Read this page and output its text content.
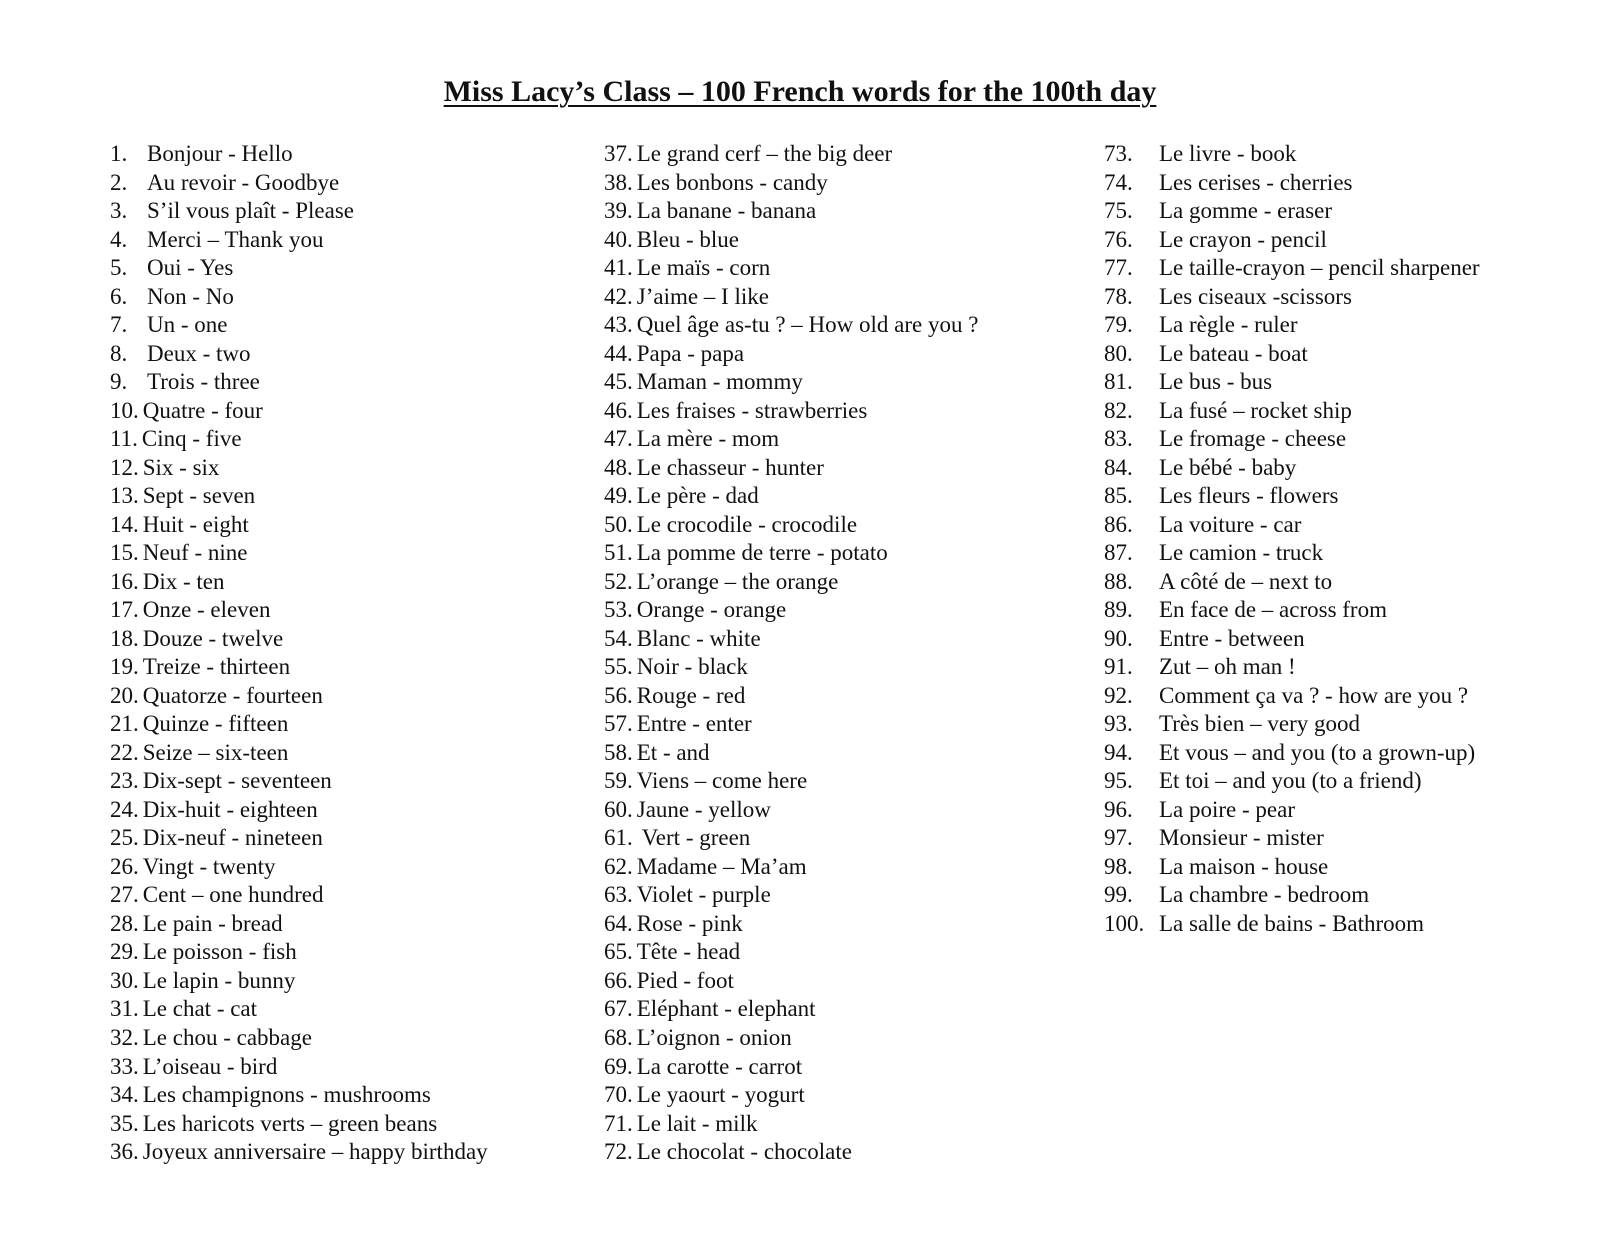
Miss Lacy’s Class – 100 French words for the 100th day
1. Bonjour - Hello
2. Au revoir - Goodbye
3. S’il vous plaît - Please
4. Merci – Thank you
5. Oui - Yes
6. Non - No
7. Un - one
8. Deux - two
9. Trois - three
10. Quatre - four
11. Cinq - five
12. Six - six
13. Sept - seven
14. Huit - eight
15. Neuf - nine
16. Dix - ten
17. Onze - eleven
18. Douze - twelve
19. Treize - thirteen
20. Quatorze - fourteen
21. Quinze - fifteen
22. Seize – six-teen
23. Dix-sept - seventeen
24. Dix-huit - eighteen
25. Dix-neuf - nineteen
26. Vingt - twenty
27. Cent – one hundred
28. Le pain - bread
29. Le poisson - fish
30. Le lapin - bunny
31. Le chat - cat
32. Le chou - cabbage
33. L’oiseau - bird
34. Les champignons - mushrooms
35. Les haricots verts – green beans
36. Joyeux anniversaire – happy birthday
37. Le grand cerf – the big deer
38. Les bonbons - candy
39. La banane - banana
40. Bleu - blue
41. Le maïs - corn
42. J’aime – I like
43. Quel âge as-tu ? – How old are you ?
44. Papa - papa
45. Maman - mommy
46. Les fraises - strawberries
47. La mère - mom
48. Le chasseur - hunter
49. Le père - dad
50. Le crocodile - crocodile
51. La pomme de terre - potato
52. L’orange – the orange
53. Orange - orange
54. Blanc - white
55. Noir - black
56. Rouge - red
57. Entre - enter
58. Et - and
59. Viens – come here
60. Jaune - yellow
61. Vert - green
62. Madame – Ma’am
63. Violet - purple
64. Rose - pink
65. Tête - head
66. Pied - foot
67. Eléphant - elephant
68. L’oignon - onion
69. La carotte - carrot
70. Le yaourt - yogurt
71. Le lait - milk
72. Le chocolat - chocolate
73.	Le livre - book
74.	Les cerises - cherries
75.	La gomme - eraser
76.	Le crayon - pencil
77.	Le taille-crayon – pencil sharpener
78.	Les ciseaux -scissors
79.	La règle - ruler
80.	Le bateau - boat
81.	Le bus - bus
82.	La fusé – rocket ship
83.	Le fromage - cheese
84.	Le bébé - baby
85.	Les fleurs - flowers
86.	La voiture - car
87.	Le camion - truck
88.	A côté de – next to
89.	En face de – across from
90.	Entre - between
91.	Zut – oh man !
92.	Comment ça va ? - how are you ?
93.	Très bien – very good
94.	Et vous – and you (to a grown-up)
95.	Et toi – and you (to a friend)
96.	La poire - pear
97.	Monsieur - mister
98.	La maison - house
99.	La chambre - bedroom
100. La salle de bains - Bathroom
